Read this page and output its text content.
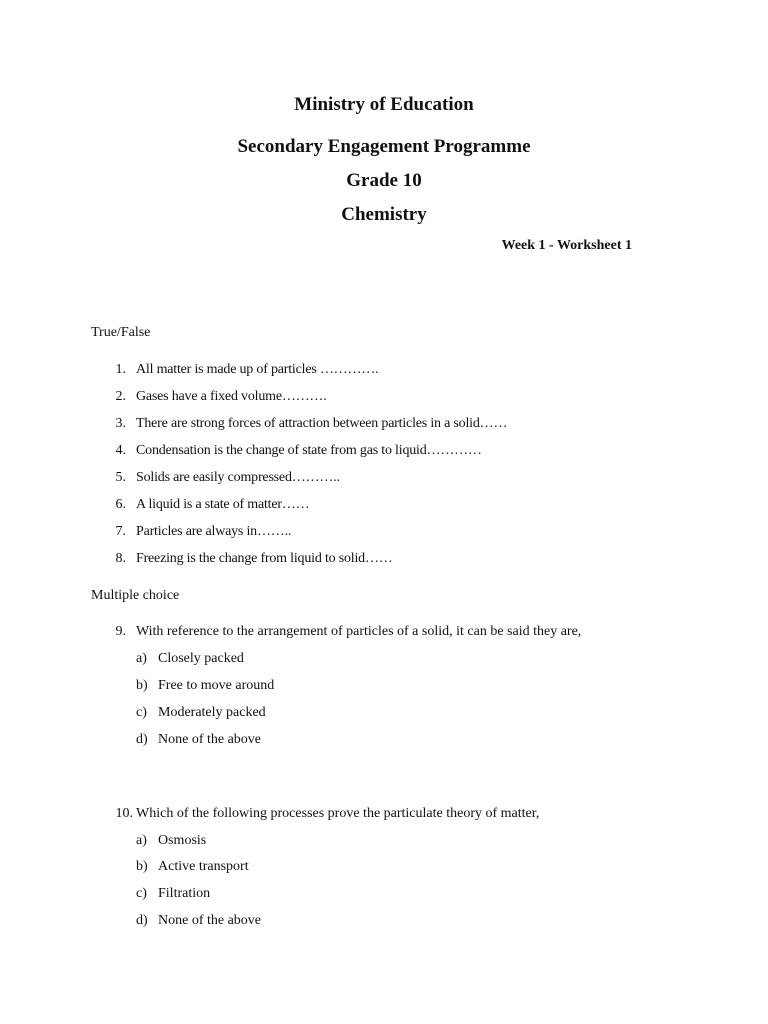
Ministry of Education
Secondary Engagement Programme
Grade 10
Chemistry
Week 1 - Worksheet 1
True/False
1. All matter is made up of particles ………….
2. Gases have a fixed volume……….
3. There are strong forces of attraction between particles in a solid……
4. Condensation is the change of state from gas to liquid…………
5. Solids are easily compressed………..
6. A liquid is a state of matter……
7. Particles are always in……..
8. Freezing is the change from liquid to solid……
Multiple choice
9. With reference to the arrangement of particles of a solid, it can be said they are,
a) Closely packed
b) Free to move around
c) Moderately packed
d) None of the above
10. Which of the following processes prove the particulate theory of matter,
a) Osmosis
b) Active transport
c) Filtration
d) None of the above
